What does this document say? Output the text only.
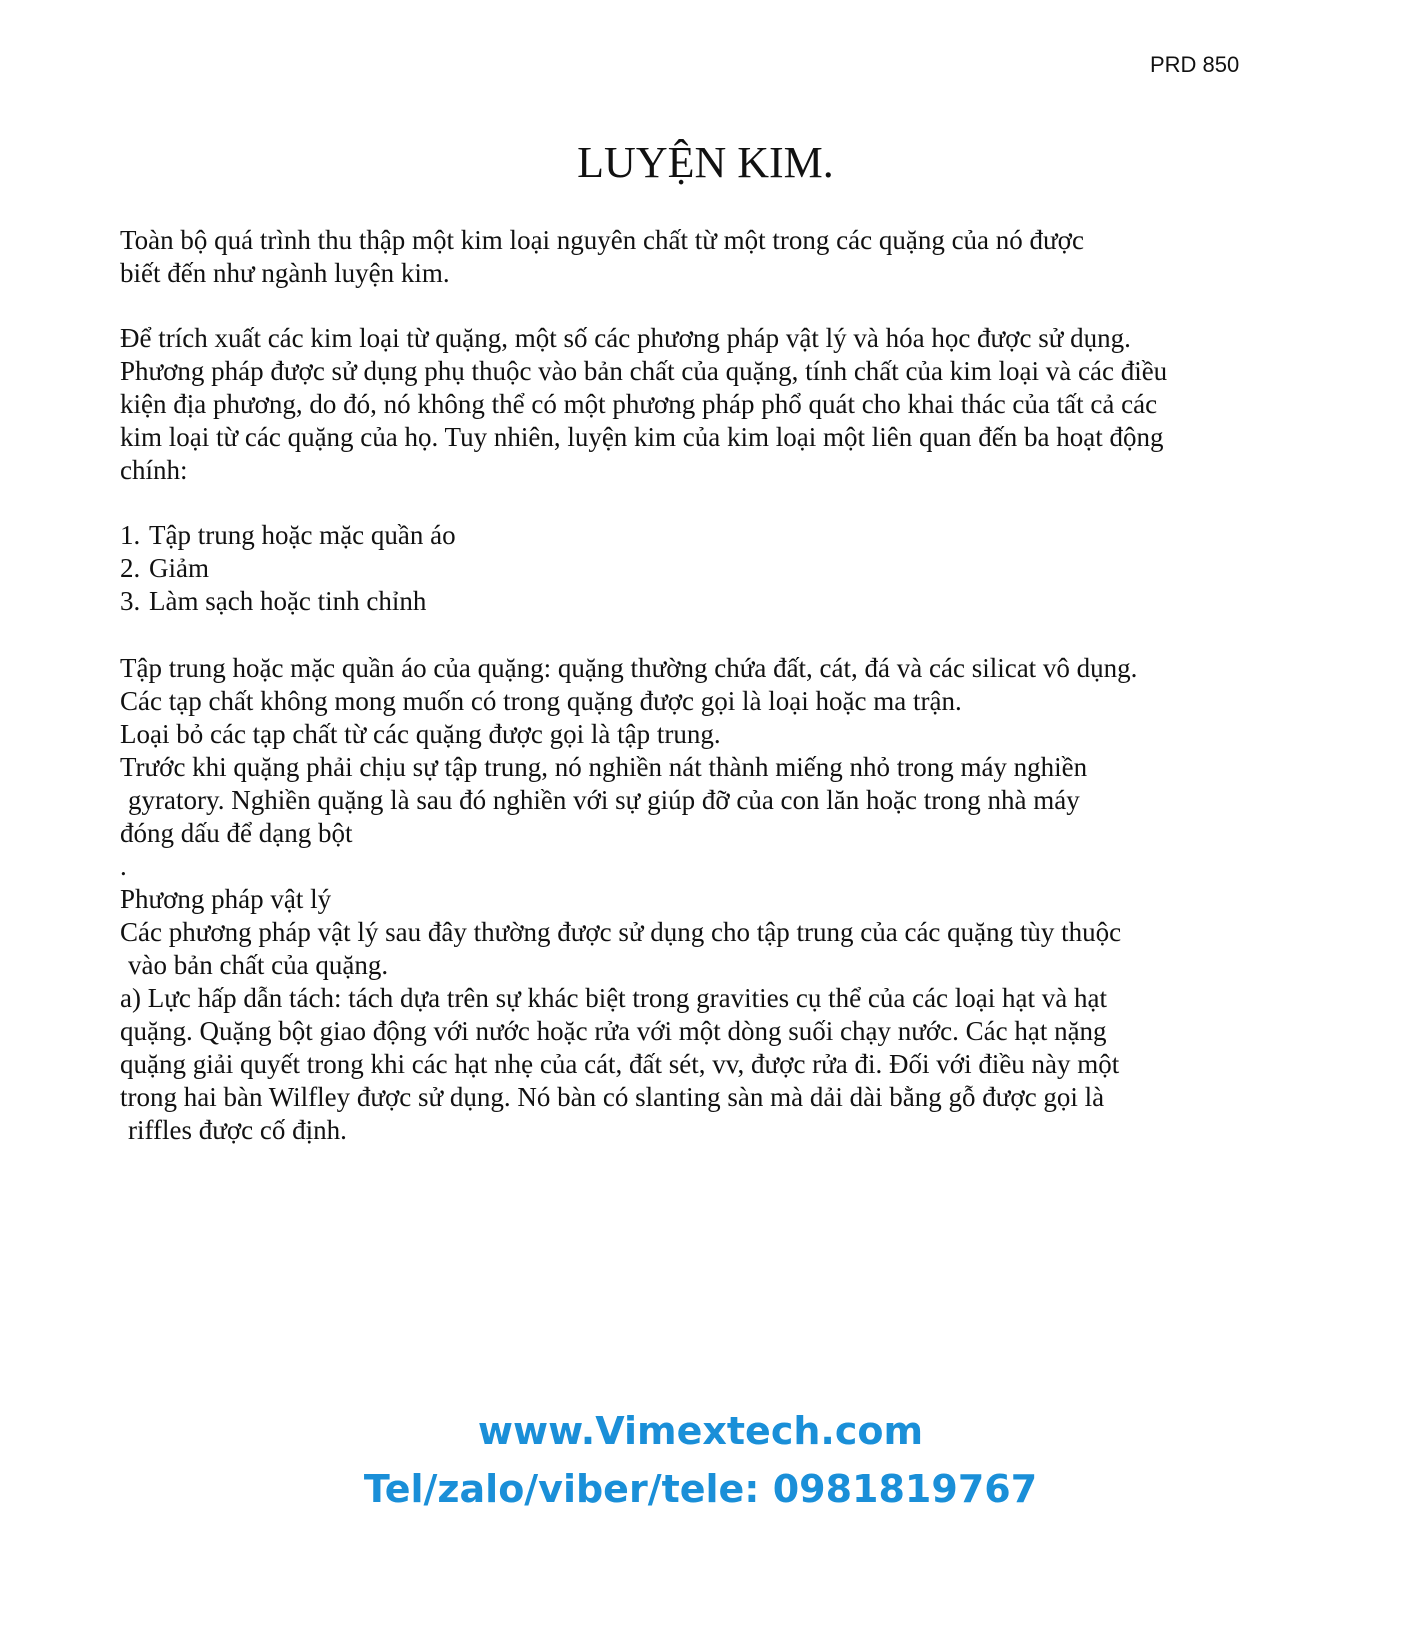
PRD 850
LUYỆN KIM.

Toàn bộ quá trình thu thập một kim loại nguyên chất từ một trong các quặng của nó được

biết đến như ngành luyện kim.

Để trích xuất các kim loại từ quặng, một số các phương pháp vật lý và hóa học được sử dụng.

Phương pháp được sử dụng phụ thuộc vào bản chất của quặng, tính chất của kim loại và các điều

kiện địa phương, do đó, nó không thể có một phương pháp phổ quát cho khai thác của tất cả các

kim loại từ các quặng của họ. Tuy nhiên, luyện kim của kim loại một liên quan đến ba hoạt động

chính:

1. Tập trung hoặc mặc quần áo
2. Giảm
3. Làm sạch hoặc tinh chỉnh

Tập trung hoặc mặc quần áo của quặng: quặng thường chứa đất, cát, đá và các silicat vô dụng.

Các tạp chất không mong muốn có trong quặng được gọi là loại hoặc ma trận.

Loại bỏ các tạp chất từ các quặng được gọi là tập trung.

Trước khi quặng phải chịu sự tập trung, nó nghiền nát thành miếng nhỏ trong máy nghiền

gyratory. Nghiền quặng là sau đó nghiền với sự giúp đỡ của con lăn hoặc trong nhà máy

đóng dấu để dạng bột

.

Phương pháp vật lý

Các phương pháp vật lý sau đây thường được sử dụng cho tập trung của các quặng tùy thuộc

vào bản chất của quặng.

a) Lực hấp dẫn tách: tách dựa trên sự khác biệt trong gravities cụ thể của các loại hạt và hạt

quặng. Quặng bột giao động với nước hoặc rửa với một dòng suối chạy nước. Các hạt nặng

quặng giải quyết trong khi các hạt nhẹ của cát, đất sét, vv, được rửa đi. Đối với điều này một

trong hai bàn Wilfley được sử dụng. Nó bàn có slanting sàn mà dải dài bằng gỗ được gọi là

riffles được cố định.

www.Vimextech.com
Tel/zalo/viber/tele: 0981819767
